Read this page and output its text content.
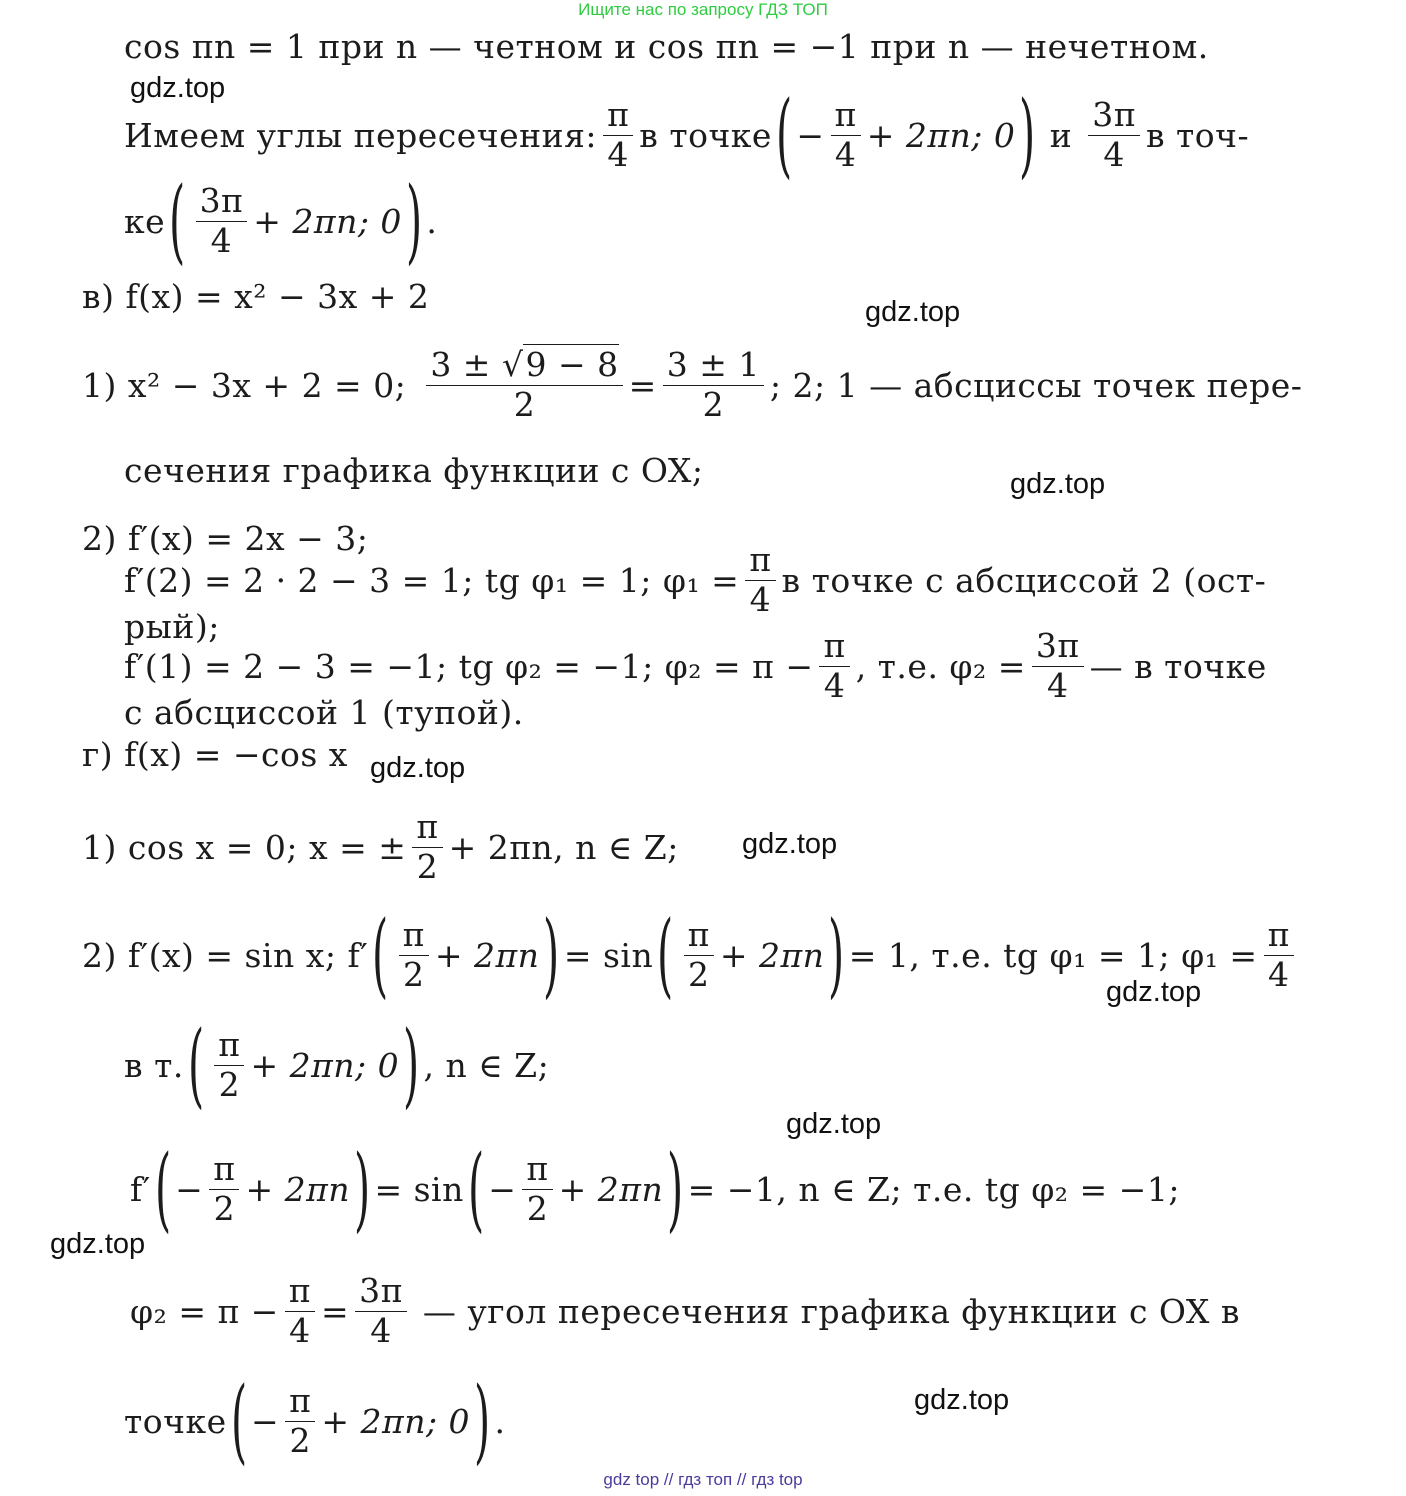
Ищите нас по запросу ГДЗ ТОП
cos πn = 1 при n — четном и cos πn = −1 при n — нечетном.
Имеем углы пересечения: $\frac{\pi}{4}$ в точке ( − $\frac{\pi}{4} + 2\pi n$; 0 ) и $\frac{3\pi}{4}$ в точ-
ке ( $\frac{3\pi}{4} + 2\pi n$; 0 ) .
в) f(x) = x² − 3x + 2
1) x² − 3x + 2 = 0; $\frac{3 \pm √9 - 8}{2} = \frac{3 \pm 1}{2}$ ; 2; 1 — абсциссы точек пере-
сечения графика функции с OX;
2) f′(x) = 2x − 3;
f′(2) = 2 · 2 − 3 = 1; tg φ₁ = 1; $\varphi_1 = \frac{\pi}{4}$ в точке с абсциссой 2 (ост-
рый);
f′(1) = 2 − 3 = −1; tg φ₂ = −1; $\varphi_2 = \pi - \frac{\pi}{4}$ , т.е. $\varphi_2 = \frac{3\pi}{4}$ — в точке
с абсциссой 1 (тупой).
г) f(x) = −cos x
1) cos x = 0; x = ± $\frac{\pi}{2} + 2\pi n$, n ∈ Z;
2) f′(x) = sin x; f′ ( $\frac{\pi}{2} + 2\pi n$ ) = sin ( $\frac{\pi}{2} + 2\pi n$ ) = 1, т.е. tg φ₁ = 1; $\varphi_1 = \frac{\pi}{4}$
в т. ( $\frac{\pi}{2} + 2\pi n$; 0 ) , n ∈ Z;
f′ ( − $\frac{\pi}{2} + 2\pi n$ ) = sin ( − $\frac{\pi}{2} + 2\pi n$ ) = −1, n ∈ Z; т.е. tg φ₂ = −1;
$\varphi_2 = \pi - \frac{\pi}{4} = \frac{3\pi}{4}$ — угол пересечения графика функции с OX в
точке ( − $\frac{\pi}{2} + 2\pi n$; 0 ) .
gdz.top
gdz.top
gdz.top
gdz.top
gdz.top
gdz.top
gdz.top
gdz.top
gdz.top
gdz top // гдз топ // гдз top
